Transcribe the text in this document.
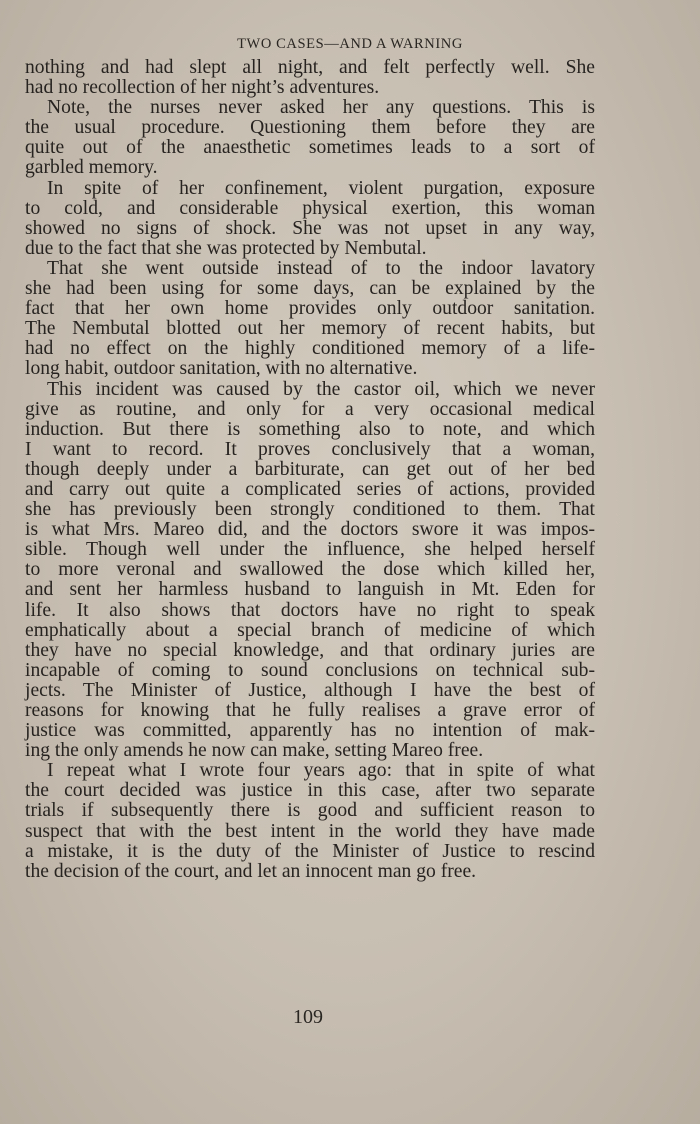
TWO CASES—AND A WARNING
nothing and had slept all night, and felt perfectly well. She
had no recollection of her night’s adventures.
Note, the nurses never asked her any questions. This is
the usual procedure. Questioning them before they are
quite out of the anaesthetic sometimes leads to a sort of
garbled memory.
In spite of her confinement, violent purgation, exposure
to cold, and considerable physical exertion, this woman
showed no signs of shock. She was not upset in any way,
due to the fact that she was protected by Nembutal.
That she went outside instead of to the indoor lavatory
she had been using for some days, can be explained by the
fact that her own home provides only outdoor sanitation.
The Nembutal blotted out her memory of recent habits, but
had no effect on the highly conditioned memory of a life-
long habit, outdoor sanitation, with no alternative.
This incident was caused by the castor oil, which we never
give as routine, and only for a very occasional medical
induction. But there is something also to note, and which
I want to record. It proves conclusively that a woman,
though deeply under a barbiturate, can get out of her bed
and carry out quite a complicated series of actions, provided
she has previously been strongly conditioned to them. That
is what Mrs. Mareo did, and the doctors swore it was impos-
sible. Though well under the influence, she helped herself
to more veronal and swallowed the dose which killed her,
and sent her harmless husband to languish in Mt. Eden for
life. It also shows that doctors have no right to speak
emphatically about a special branch of medicine of which
they have no special knowledge, and that ordinary juries are
incapable of coming to sound conclusions on technical sub-
jects. The Minister of Justice, although I have the best of
reasons for knowing that he fully realises a grave error of
justice was committed, apparently has no intention of mak-
ing the only amends he now can make, setting Mareo free.
I repeat what I wrote four years ago: that in spite of what
the court decided was justice in this case, after two separate
trials if subsequently there is good and sufficient reason to
suspect that with the best intent in the world they have made
a mistake, it is the duty of the Minister of Justice to rescind
the decision of the court, and let an innocent man go free.
109
